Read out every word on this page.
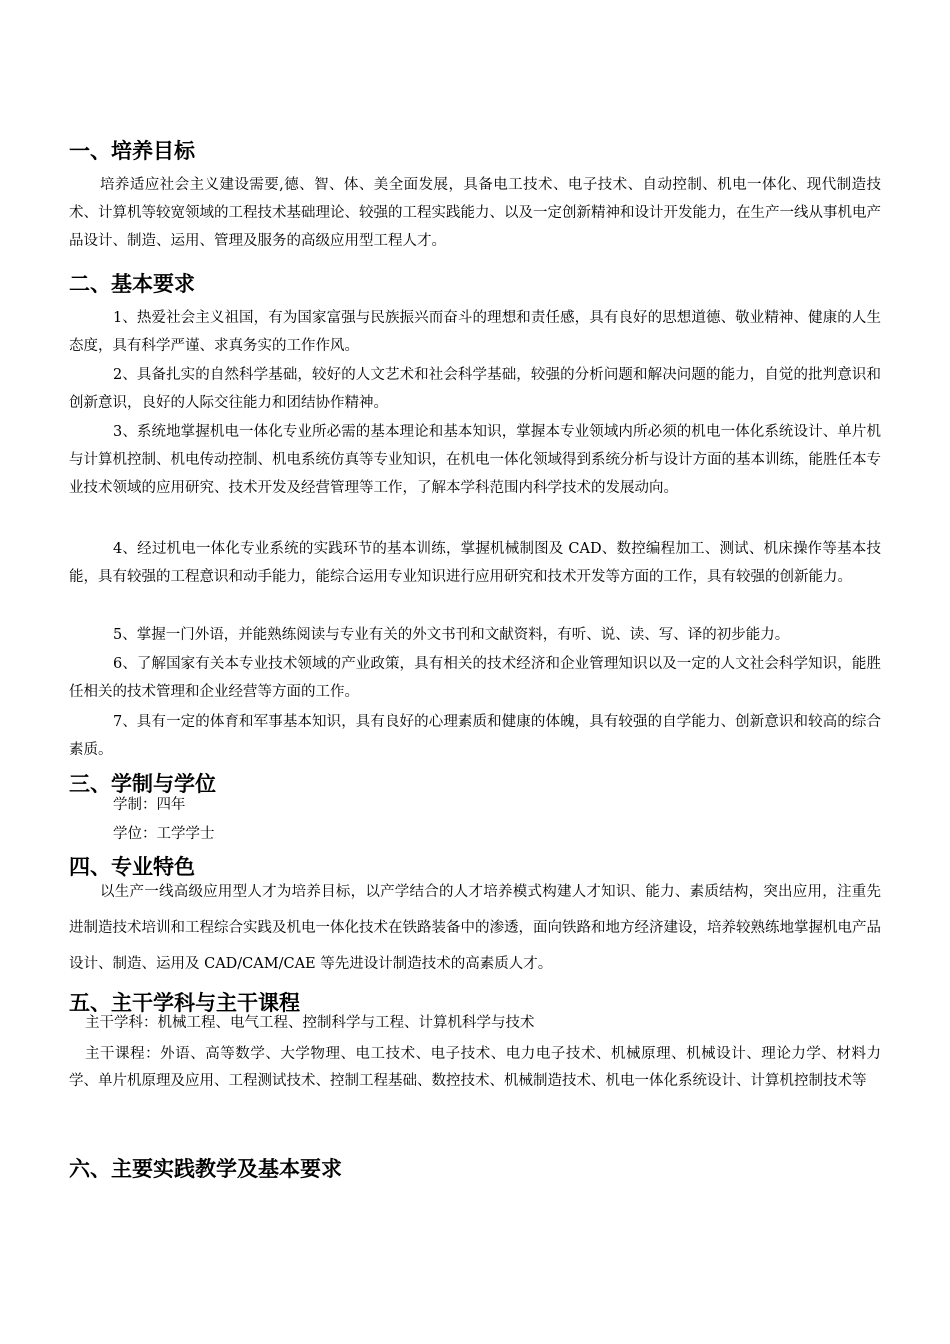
一、培养目标

培养适应社会主义建设需要,德、智、体、美全面发展，具备电工技术、电子技术、自动控制、机电一体化、现代制造技术、计算机等较宽领域的工程技术基础理论、较强的工程实践能力、以及一定创新精神和设计开发能力，在生产一线从事机电产品设计、制造、运用、管理及服务的高级应用型工程人才。

二、基本要求

1、热爱社会主义祖国，有为国家富强与民族振兴而奋斗的理想和责任感，具有良好的思想道德、敬业精神、健康的人生态度，具有科学严谨、求真务实的工作作风。

2、具备扎实的自然科学基础，较好的人文艺术和社会科学基础，较强的分析问题和解决问题的能力，自觉的批判意识和创新意识，良好的人际交往能力和团结协作精神。

3、系统地掌握机电一体化专业所必需的基本理论和基本知识，掌握本专业领域内所必须的机电一体化系统设计、单片机与计算机控制、机电传动控制、机电系统仿真等专业知识，在机电一体化领域得到系统分析与设计方面的基本训练，能胜任本专业技术领域的应用研究、技术开发及经营管理等工作，了解本学科范围内科学技术的发展动向。

4、经过机电一体化专业系统的实践环节的基本训练，掌握机械制图及 CAD、数控编程加工、测试、机床操作等基本技能，具有较强的工程意识和动手能力，能综合运用专业知识进行应用研究和技术开发等方面的工作，具有较强的创新能力。

5、掌握一门外语，并能熟练阅读与专业有关的外文书刊和文献资料，有听、说、读、写、译的初步能力。

6、了解国家有关本专业技术领域的产业政策，具有相关的技术经济和企业管理知识以及一定的人文社会科学知识，能胜任相关的技术管理和企业经营等方面的工作。

7、具有一定的体育和军事基本知识，具有良好的心理素质和健康的体魄，具有较强的自学能力、创新意识和较高的综合素质。

三、学制与学位

学制：四年

学位：工学学士

四、专业特色

以生产一线高级应用型人才为培养目标，以产学结合的人才培养模式构建人才知识、能力、素质结构，突出应用，注重先进制造技术培训和工程综合实践及机电一体化技术在铁路装备中的渗透，面向铁路和地方经济建设，培养较熟练地掌握机电产品设计、制造、运用及 CAD/CAM/CAE 等先进设计制造技术的高素质人才。

五、主干学科与主干课程

主干学科：机械工程、电气工程、控制科学与工程、计算机科学与技术

主干课程：外语、高等数学、大学物理、电工技术、电子技术、电力电子技术、机械原理、机械设计、理论力学、材料力学、单片机原理及应用、工程测试技术、控制工程基础、数控技术、机械制造技术、机电一体化系统设计、计算机控制技术等

六、主要实践教学及基本要求
